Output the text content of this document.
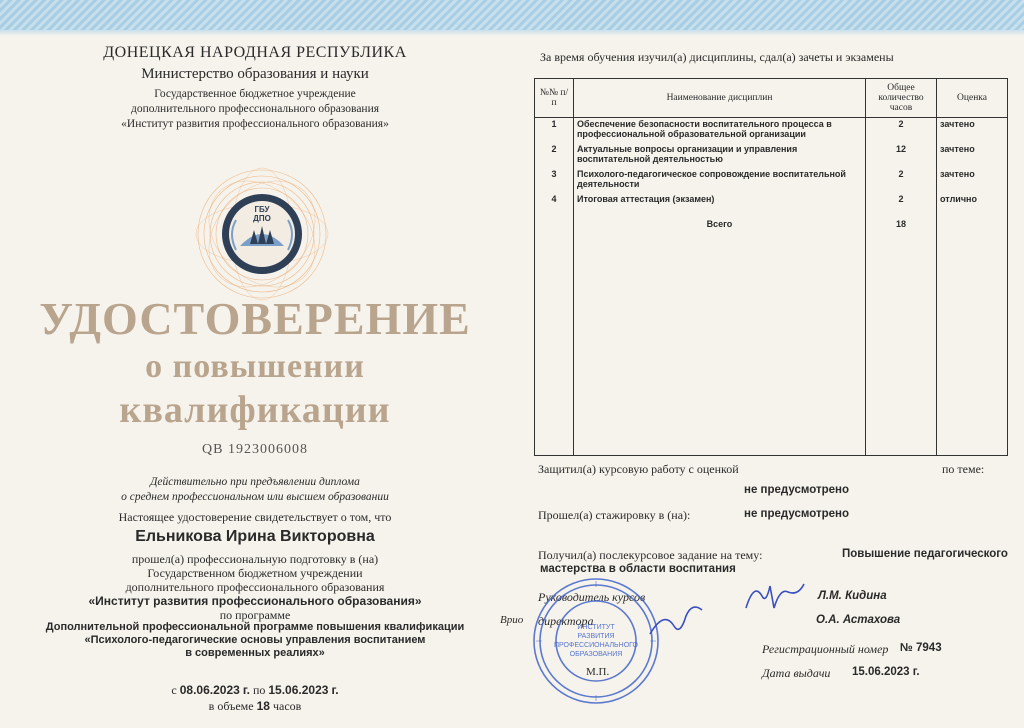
ДОНЕЦКАЯ НАРОДНАЯ РЕСПУБЛИКА
Министерство образования и науки
Государственное бюджетное учреждение
дополнительного профессионального образования
«Институт развития профессионального образования»
ГБУ
ДПО
ИРПО
УДОСТОВЕРЕНИЕ
о повышении
квалификации
QB 1923006008
Действительно при предъявлении диплома
о среднем профессиональном или высшем образовании
Настоящее удостоверение свидетельствует о том, что
Ельникова Ирина Викторовна
прошел(а) профессиональную подготовку в (на)
Государственном бюджетном учреждении
дополнительного профессионального образования
«Институт развития профессионального образования»
по программе
Дополнительной профессиональной программе повышения квалификации
«Психолого-педагогические основы управления воспитанием
в современных реалиях»
с 08.06.2023 г. по 15.06.2023 г.
в объеме 18 часов
За время обучения изучил(а) дисциплины, сдал(а) зачеты и экзамены
№№ п/п	Наименование дисциплин	Общее количество часов	Оценка
1	Обеспечение безопасности воспитательного процесса в профессиональной образовательной организации	2	зачтено
2	Актуальные вопросы организации и управления воспитательной деятельностью	12	зачтено
3	Психолого-педагогическое сопровождение воспитательной деятельности	2	зачтено
4	Итоговая аттестация (экзамен)	2	отлично
	Всего	18	

Защитил(а) курсовую работу с оценкой	по теме:
не предусмотрено
Прошел(а) стажировку в (на):	не предусмотрено
Получил(а) послекурсовое задание на тему:	Повышение педагогического
мастерства в области воспитания
Руководитель курсов	Л.М. Кидина
Врио директора	О.А. Астахова
Регистрационный номер № 7943
М.П.	Дата выдачи 15.06.2023 г.
ИНСТИТУТ
РАЗВИТИЯ
ПРОФЕССИОНАЛЬНОГО
ОБРАЗОВАНИЯ
